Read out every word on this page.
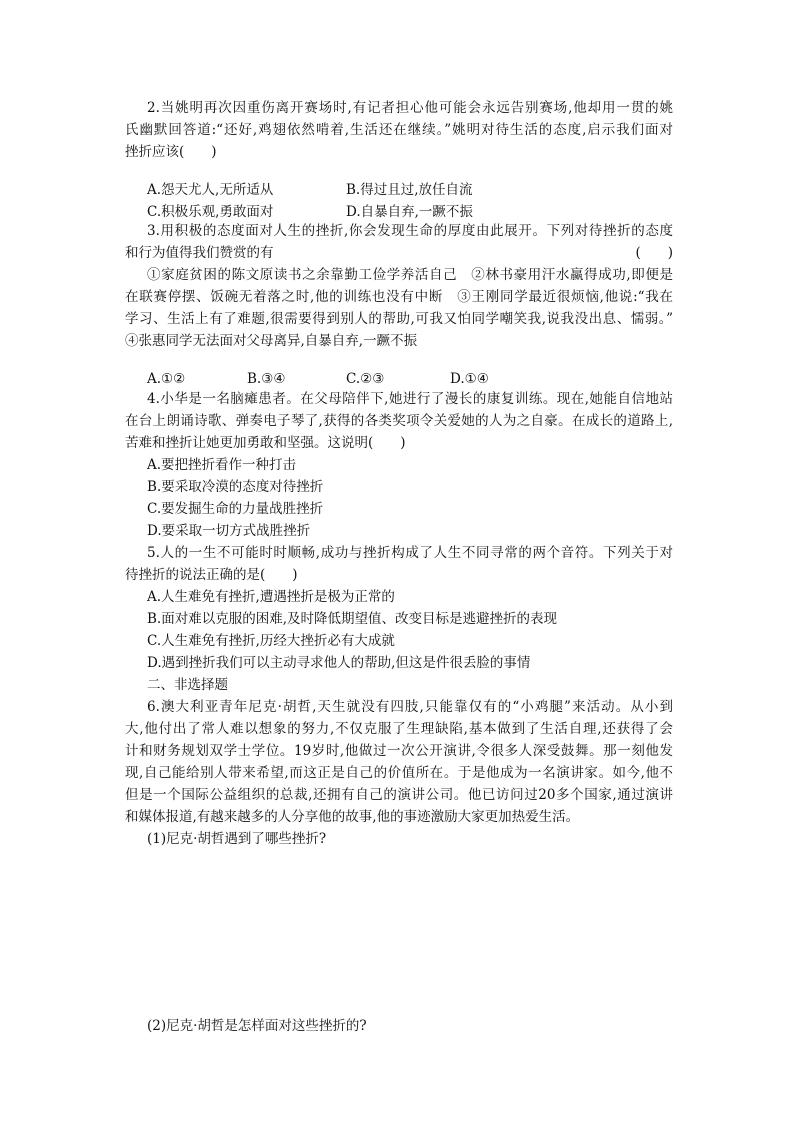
2.当姚明再次因重伤离开赛场时,有记者担心他可能会永远告别赛场,他却用一贯的姚
氏幽默回答道:“还好,鸡翅依然啃着,生活还在继续。”姚明对待生活的态度,启示我们面对
挫折应该(　　)
A.怨天尤人,无所适从	B.得过且过,放任自流
C.积极乐观,勇敢面对	D.自暴自弃,一蹶不振
3.用积极的态度面对人生的挫折,你会发现生命的厚度由此展开。下列对待挫折的态度
和行为值得我们赞赏的有	(　　)
①家庭贫困的陈文原读书之余靠勤工俭学养活自己　②林书豪用汗水赢得成功,即便是
在联赛停摆、饭碗无着落之时,他的训练也没有中断　③王刚同学最近很烦恼,他说:“我在
学习、生活上有了难题,很需要得到别人的帮助,可我又怕同学嘲笑我,说我没出息、懦弱。”
④张惠同学无法面对父母离异,自暴自弃,一蹶不振
A.①②	B.③④	C.②③	D.①④
4.小华是一名脑瘫患者。在父母陪伴下,她进行了漫长的康复训练。现在,她能自信地站
在台上朗诵诗歌、弹奏电子琴了,获得的各类奖项令关爱她的人为之自豪。在成长的道路上,
苦难和挫折让她更加勇敢和坚强。这说明(　　)
A.要把挫折看作一种打击
B.要采取冷漠的态度对待挫折
C.要发掘生命的力量战胜挫折
D.要采取一切方式战胜挫折
5.人的一生不可能时时顺畅,成功与挫折构成了人生不同寻常的两个音符。下列关于对
待挫折的说法正确的是(　　)
A.人生难免有挫折,遭遇挫折是极为正常的
B.面对难以克服的困难,及时降低期望值、改变目标是逃避挫折的表现
C.人生难免有挫折,历经大挫折必有大成就
D.遇到挫折我们可以主动寻求他人的帮助,但这是件很丢脸的事情
二、非选择题
6.澳大利亚青年尼克·胡哲,天生就没有四肢,只能靠仅有的“小鸡腿”来活动。从小到
大,他付出了常人难以想象的努力,不仅克服了生理缺陷,基本做到了生活自理,还获得了会
计和财务规划双学士学位。19岁时,他做过一次公开演讲,令很多人深受鼓舞。那一刻他发
现,自己能给别人带来希望,而这正是自己的价值所在。于是他成为一名演讲家。如今,他不
但是一个国际公益组织的总裁,还拥有自己的演讲公司。他已访问过20多个国家,通过演讲
和媒体报道,有越来越多的人分享他的故事,他的事迹激励大家更加热爱生活。
(1)尼克·胡哲遇到了哪些挫折?
(2)尼克·胡哲是怎样面对这些挫折的?
